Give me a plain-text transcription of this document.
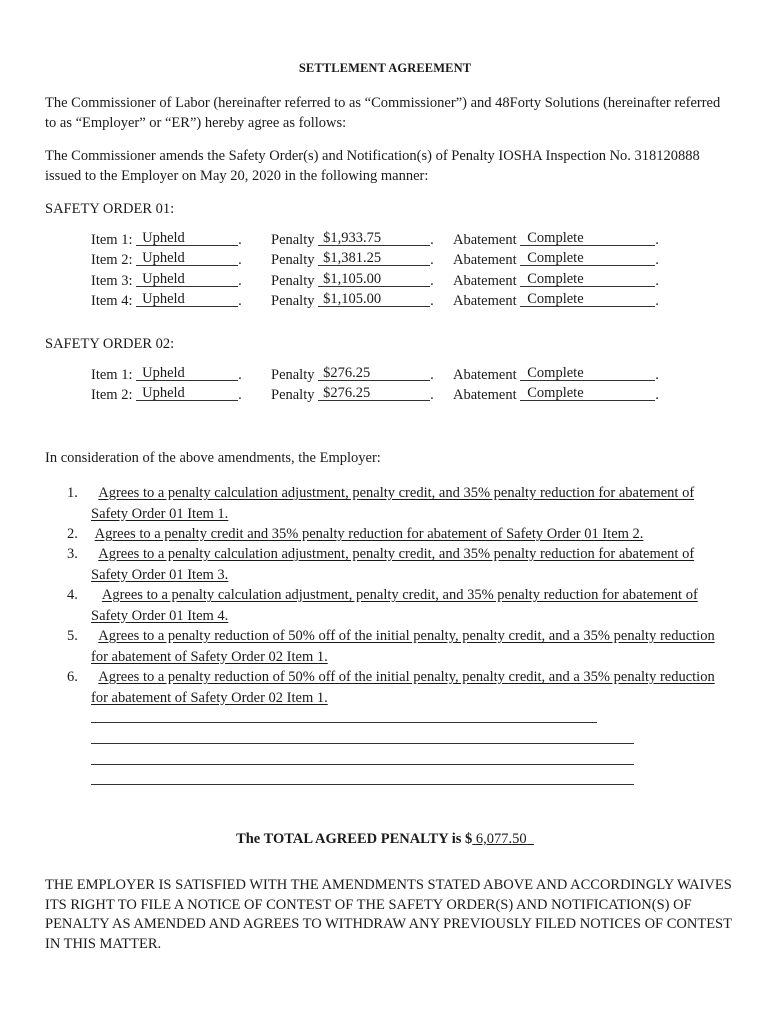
SETTLEMENT AGREEMENT
The Commissioner of Labor (hereinafter referred to as “Commissioner”) and 48Forty Solutions (hereinafter referred to as “Employer” or “ER”) hereby agree as follows:
The Commissioner amends the Safety Order(s) and Notification(s) of Penalty IOSHA Inspection No. 318120888 issued to the Employer on May 20, 2020 in the following manner:
SAFETY ORDER 01:
Item 1: Upheld	. Penalty $1,933.75	. Abatement Complete	.
Item 2: Upheld	. Penalty $1,381.25	. Abatement Complete	.
Item 3: Upheld	. Penalty $1,105.00	. Abatement Complete	.
Item 4: Upheld	. Penalty $1,105.00	. Abatement Complete	.
SAFETY ORDER 02:
Item 1: Upheld	. Penalty $276.25	. Abatement Complete	.
Item 2: Upheld	. Penalty $276.25	. Abatement Complete	.
In consideration of the above amendments, the Employer:
1.	Agrees to a penalty calculation adjustment, penalty credit, and 35% penalty reduction for abatement of Safety Order 01 Item 1.
2. Agrees to a penalty credit and 35% penalty reduction for abatement of Safety Order 01 Item 2.
3.	Agrees to a penalty calculation adjustment, penalty credit, and 35% penalty reduction for abatement of Safety Order 01 Item 3.
4.	Agrees to a penalty calculation adjustment, penalty credit, and 35% penalty reduction for abatement of Safety Order 01 Item 4.
5.	Agrees to a penalty reduction of 50% off of the initial penalty, penalty credit, and a 35% penalty reduction for abatement of Safety Order 02 Item 1.
6.	Agrees to a penalty reduction of 50% off of the initial penalty, penalty credit, and a 35% penalty reduction for abatement of Safety Order 02 Item 1.
The TOTAL AGREED PENALTY is $ 6,077.50
THE EMPLOYER IS SATISFIED WITH THE AMENDMENTS STATED ABOVE AND ACCORDINGLY WAIVES ITS RIGHT TO FILE A NOTICE OF CONTEST OF THE SAFETY ORDER(S) AND NOTIFICATION(S) OF PENALTY AS AMENDED AND AGREES TO WITHDRAW ANY PREVIOUSLY FILED NOTICES OF CONTEST IN THIS MATTER.
